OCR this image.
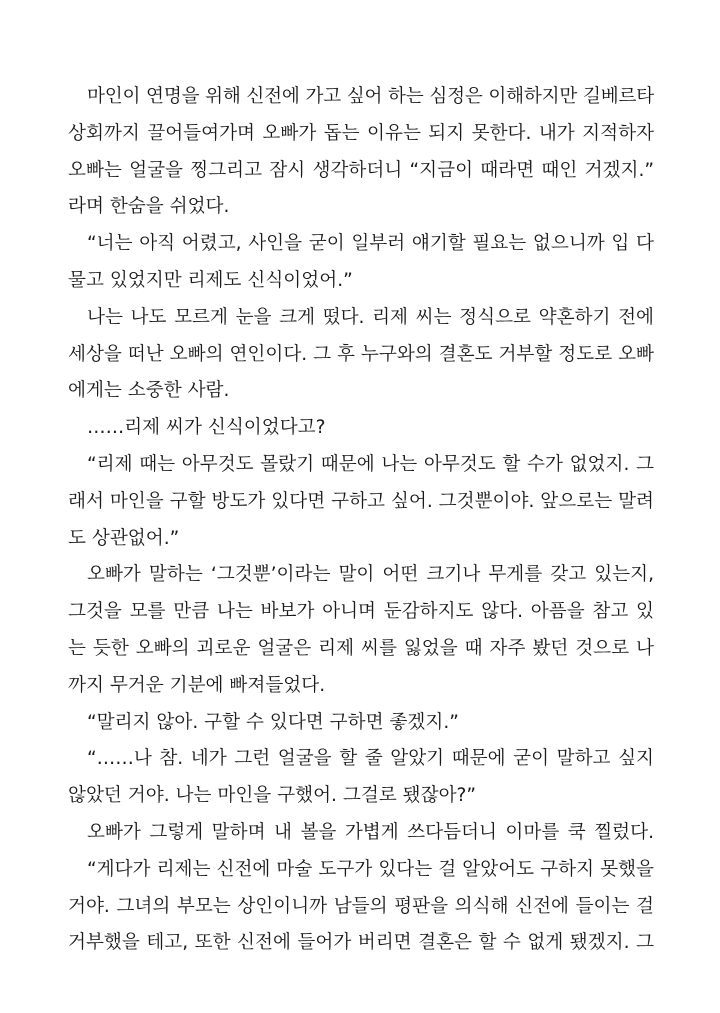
마인이 연명을 위해 신전에 가고 싶어 하는 심정은 이해하지만 길베르타
상회까지 끌어들여가며 오빠가 돕는 이유는 되지 못한다. 내가 지적하자
오빠는 얼굴을 찡그리고 잠시 생각하더니 “지금이 때라면 때인 거겠지.”
라며 한숨을 쉬었다.
“너는 아직 어렸고, 사인을 굳이 일부러 얘기할 필요는 없으니까 입 다
물고 있었지만 리제도 신식이었어.”
나는 나도 모르게 눈을 크게 떴다. 리제 씨는 정식으로 약혼하기 전에
세상을 떠난 오빠의 연인이다. 그 후 누구와의 결혼도 거부할 정도로 오빠
에게는 소중한 사람.
……리제 씨가 신식이었다고?
“리제 때는 아무것도 몰랐기 때문에 나는 아무것도 할 수가 없었지. 그
래서 마인을 구할 방도가 있다면 구하고 싶어. 그것뿐이야. 앞으로는 말려
도 상관없어.”
오빠가 말하는 ‘그것뿐’이라는 말이 어떤 크기나 무게를 갖고 있는지,
그것을 모를 만큼 나는 바보가 아니며 둔감하지도 않다. 아픔을 참고 있
는 듯한 오빠의 괴로운 얼굴은 리제 씨를 잃었을 때 자주 봤던 것으로 나
까지 무거운 기분에 빠져들었다.
“말리지 않아. 구할 수 있다면 구하면 좋겠지.”
“……나 참. 네가 그런 얼굴을 할 줄 알았기 때문에 굳이 말하고 싶지
않았던 거야. 나는 마인을 구했어. 그걸로 됐잖아?”
오빠가 그렇게 말하며 내 볼을 가볍게 쓰다듬더니 이마를 쿡 찔렀다.
“게다가 리제는 신전에 마술 도구가 있다는 걸 알았어도 구하지 못했을
거야. 그녀의 부모는 상인이니까 남들의 평판을 의식해 신전에 들이는 걸
거부했을 테고, 또한 신전에 들어가 버리면 결혼은 할 수 없게 됐겠지. 그
